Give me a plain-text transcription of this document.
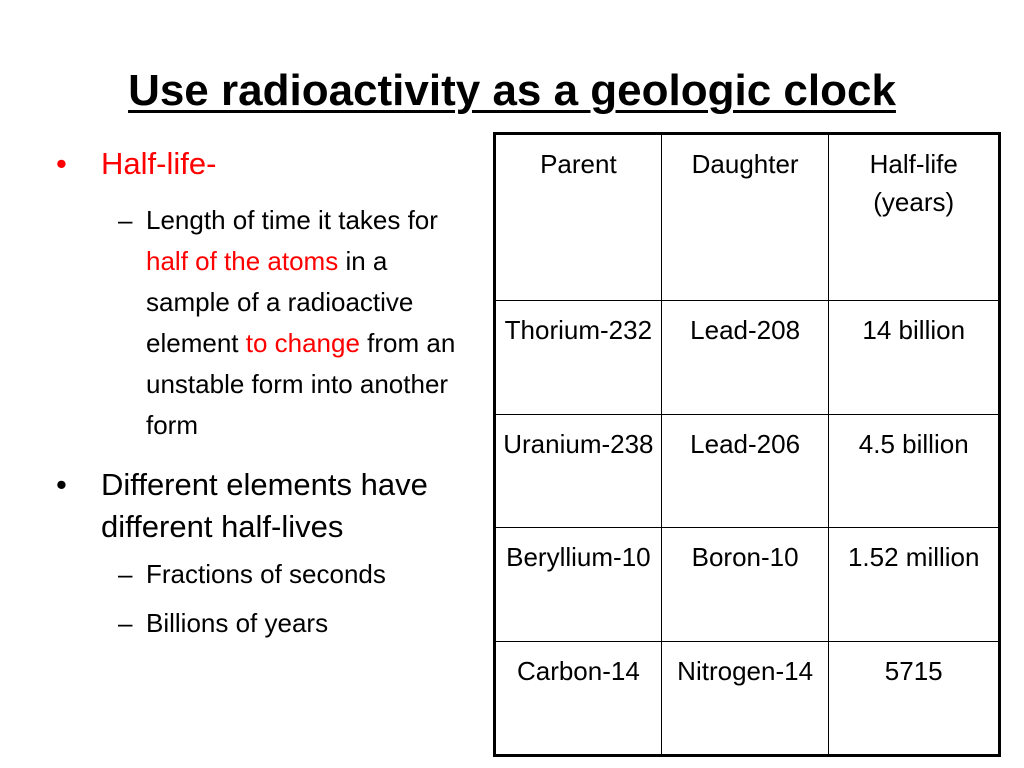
Use radioactivity as a geologic clock
•	Half-life-
– Length of time it takes for half of the atoms in a sample of a radioactive element to change from an unstable form into another form
•	Different elements have different half-lives
– Fractions of seconds
– Billions of years
Parent	Daughter	Half-life (years)
Thorium-232	Lead-208	14 billion
Uranium-238	Lead-206	4.5 billion
Beryllium-10	Boron-10	1.52 million
Carbon-14	Nitrogen-14	5715
